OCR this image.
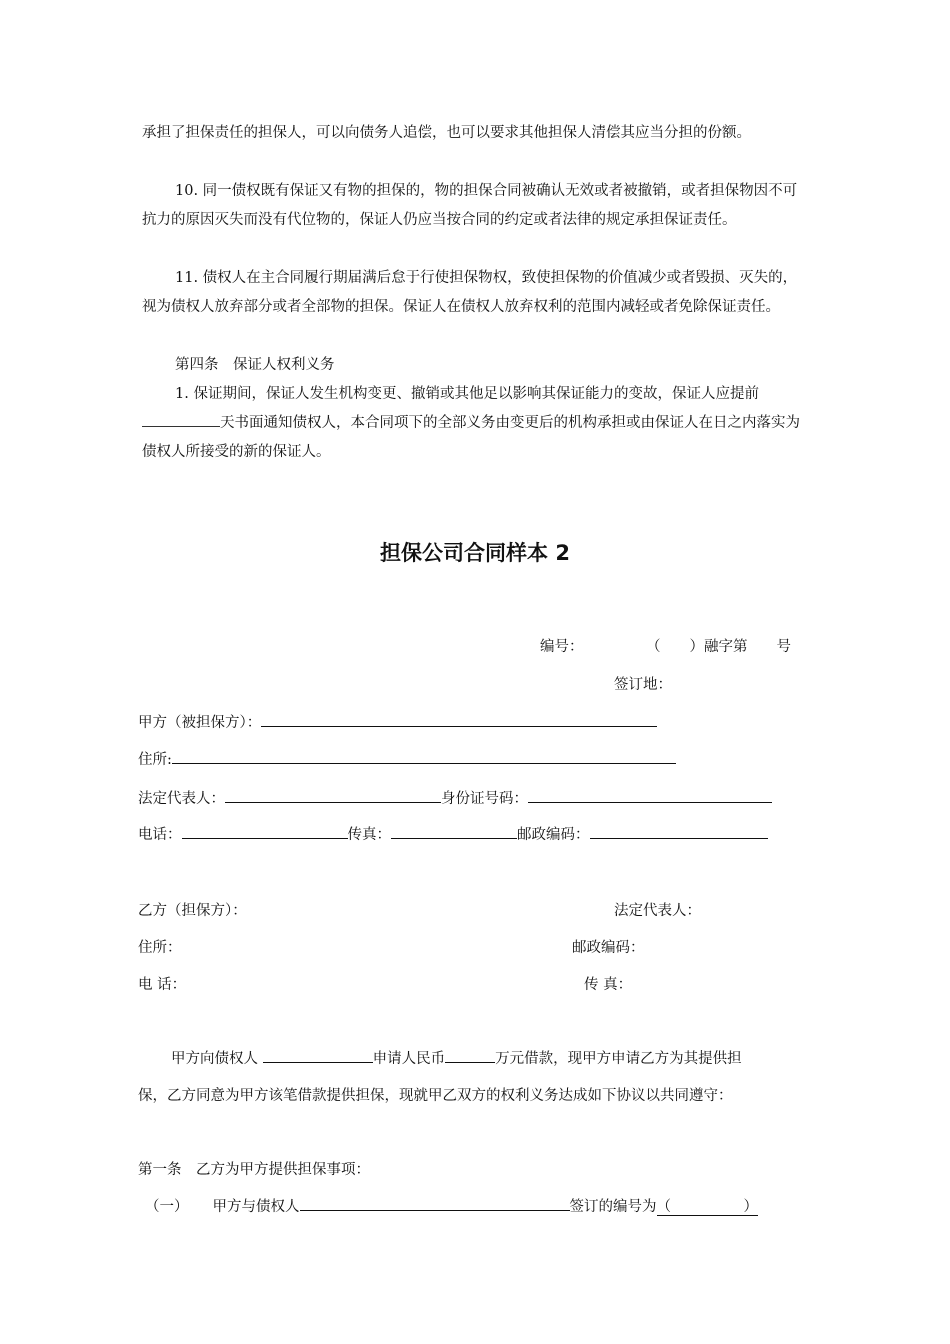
承担了担保责任的担保人，可以向债务人追偿，也可以要求其他担保人清偿其应当分担的份额。

10. 同一债权既有保证又有物的担保的，物的担保合同被确认无效或者被撤销，或者担保物因不可抗力的原因灭失而没有代位物的，保证人仍应当按合同的约定或者法律的规定承担保证责任。

11. 债权人在主合同履行期届满后怠于行使担保物权，致使担保物的价值减少或者毁损、灭失的，视为债权人放弃部分或者全部物的担保。保证人在债权人放弃权利的范围内减轻或者免除保证责任。

第四条　保证人权利义务

1. 保证期间，保证人发生机构变更、撤销或其他足以影响其保证能力的变故，保证人应提前天书面通知债权人，本合同项下的全部义务由变更后的机构承担或由保证人在日之内落实为债权人所接受的新的保证人。

担保公司合同样本 2
编号：	（　　）融字第　　号
签订地：
甲方（被担保方）：
住所:
法定代表人：	身份证号码：
电话：	传真：	邮政编码：
乙方（担保方）：	法定代表人：
住所：	邮政编码：
电 话：	传 真：
甲方向债权人	申请人民币	万元借款，现甲方申请乙方为其提供担
保，乙方同意为甲方该笔借款提供担保，现就甲乙双方的权利义务达成如下协议以共同遵守：
第一条　乙方为甲方提供担保事项：
（一） 甲方与债权人	签订的编号为（　　　　　）
